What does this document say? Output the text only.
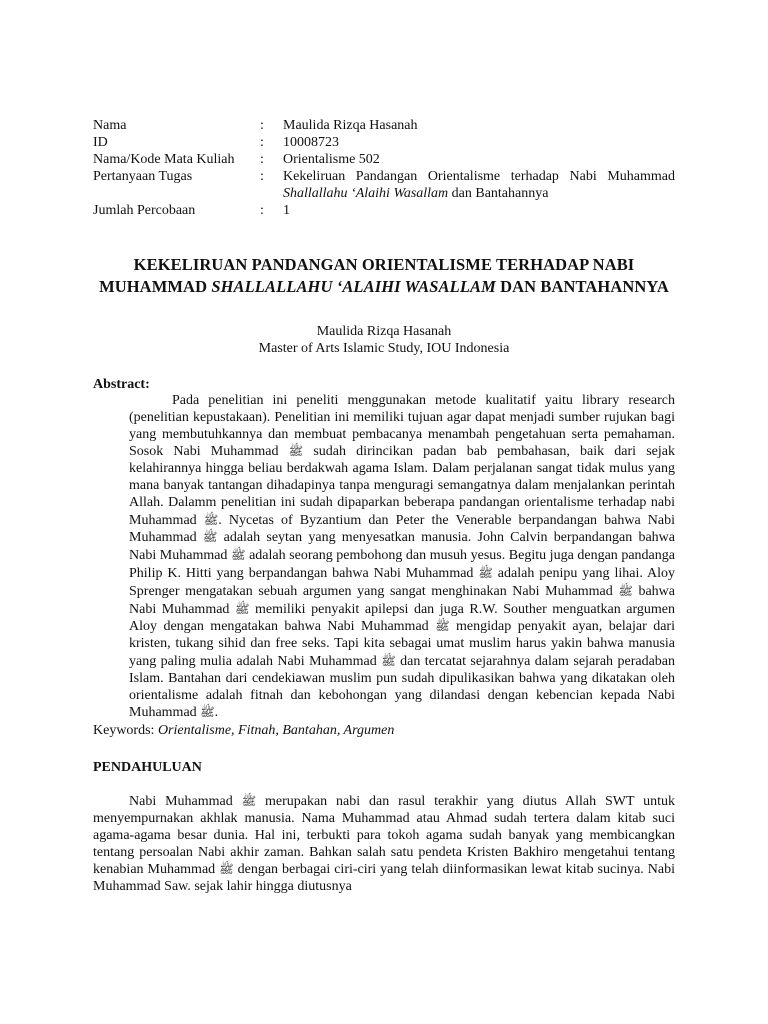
Nama	:	Maulida Rizqa Hasanah
ID	:	10008723
Nama/Kode Mata Kuliah	:	Orientalisme 502
Pertanyaan Tugas	:	Kekeliruan Pandangan Orientalisme terhadap Nabi Muhammad Shallallahu ‘Alaihi Wasallam dan Bantahannya
Jumlah Percobaan	:	1
KEKELIRUAN PANDANGAN ORIENTALISME TERHADAP NABI MUHAMMAD SHALLALLAHU ‘ALAIHI WASALLAM DAN BANTAHANNYA
Maulida Rizqa Hasanah
Master of Arts Islamic Study, IOU Indonesia
Abstract:
Pada penelitian ini peneliti menggunakan metode kualitatif yaitu library research (penelitian kepustakaan). Penelitian ini memiliki tujuan agar dapat menjadi sumber rujukan bagi yang membutuhkannya dan membuat pembacanya menambah pengetahuan serta pemahaman. Sosok Nabi Muhammad ﷺ sudah dirincikan padan bab pembahasan, baik dari sejak kelahirannya hingga beliau berdakwah agama Islam. Dalam perjalanan sangat tidak mulus yang mana banyak tantangan dihadapinya tanpa menguragi semangatnya dalam menjalankan perintah Allah. Dalamm penelitian ini sudah dipaparkan beberapa pandangan orientalisme terhadap nabi Muhammad ﷺ. Nycetas of Byzantium dan Peter the Venerable berpandangan bahwa Nabi Muhammad ﷺ adalah seytan yang menyesatkan manusia. John Calvin berpandangan bahwa Nabi Muhammad ﷺ adalah seorang pembohong dan musuh yesus. Begitu juga dengan pandanga Philip K. Hitti yang berpandangan bahwa Nabi Muhammad ﷺ adalah penipu yang lihai. Aloy Sprenger mengatakan sebuah argumen yang sangat menghinakan Nabi Muhammad ﷺ bahwa Nabi Muhammad ﷺ memiliki penyakit apilepsi dan juga R.W. Souther menguatkan argumen Aloy dengan mengatakan bahwa Nabi Muhammad ﷺ mengidap penyakit ayan, belajar dari kristen, tukang sihid dan free seks. Tapi kita sebagai umat muslim harus yakin bahwa manusia yang paling mulia adalah Nabi Muhammad ﷺ dan tercatat sejarahnya dalam sejarah peradaban Islam. Bantahan dari cendekiawan muslim pun sudah dipulikasikan bahwa yang dikatakan oleh orientalisme adalah fitnah dan kebohongan yang dilandasi dengan kebencian kepada Nabi Muhammad ﷺ.
Keywords: Orientalisme, Fitnah, Bantahan, Argumen
PENDAHULUAN
Nabi Muhammad ﷺ merupakan nabi dan rasul terakhir yang diutus Allah SWT untuk menyempurnakan akhlak manusia. Nama Muhammad atau Ahmad sudah tertera dalam kitab suci agama-agama besar dunia. Hal ini, terbukti para tokoh agama sudah banyak yang membicangkan tentang persoalan Nabi akhir zaman. Bahkan salah satu pendeta Kristen Bakhiro mengetahui tentang kenabian Muhammad ﷺ dengan berbagai ciri-ciri yang telah diinformasikan lewat kitab sucinya. Nabi Muhammad Saw. sejak lahir hingga diutusnya
